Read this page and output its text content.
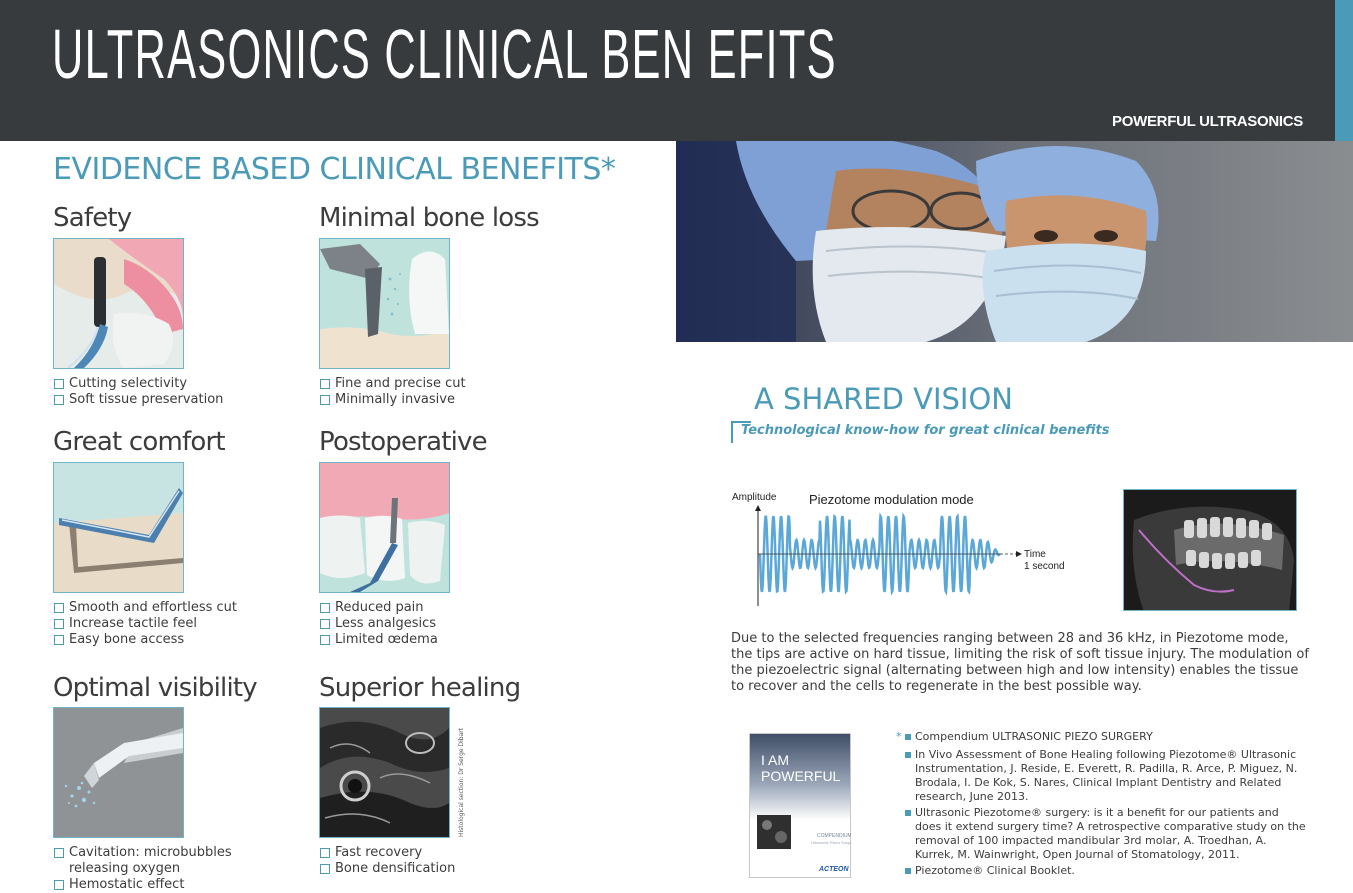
ULTRASONICS CLINICAL BEN EFITS
POWERFUL ULTRASONICS
EVIDENCE BASED CLINICAL BENEFITS*
Safety
Cutting selectivity
Soft tissue preservation
Minimal bone loss
Fine and precise cut
Minimally invasive
Great comfort
Smooth and effortless cut
Increase tactile feel
Easy bone access
Postoperative
Reduced pain
Less analgesics
Limited œdema
Optimal visibility
Cavitation: microbubbles
releasing oxygen
Hemostatic effect
Superior healing
Histological section: Dr Serge Dibart
Fast recovery
Bone densification
A SHARED VISION
Technological know-how for great clinical benefits
Amplitude	Piezotome modulation mode
Time
1 second
Due to the selected frequencies ranging between 28 and 36 kHz, in Piezotome mode, the tips are active on hard tissue, limiting the risk of soft tissue injury. The modulation of the piezoelectric signal (alternating between high and low intensity) enables the tissue to recover and the cells to regenerate in the best possible way.
I AM
POWERFUL
COMPENDIUM
Ultrasonic Piezo Surgery
ACTEON
* Compendium ULTRASONIC PIEZO SURGERY
In Vivo Assessment of Bone Healing following Piezotome® Ultrasonic Instrumentation, J. Reside, E. Everett, R. Padilla, R. Arce, P. Miguez, N. Brodala, I. De Kok, S. Nares, Clinical Implant Dentistry and Related research, June 2013.
Ultrasonic Piezotome® surgery: is it a benefit for our patients and does it extend surgery time? A retrospective comparative study on the removal of 100 impacted mandibular 3rd molar, A. Troedhan, A. Kurrek, M. Wainwright, Open Journal of Stomatology, 2011.
Piezotome® Clinical Booklet.
